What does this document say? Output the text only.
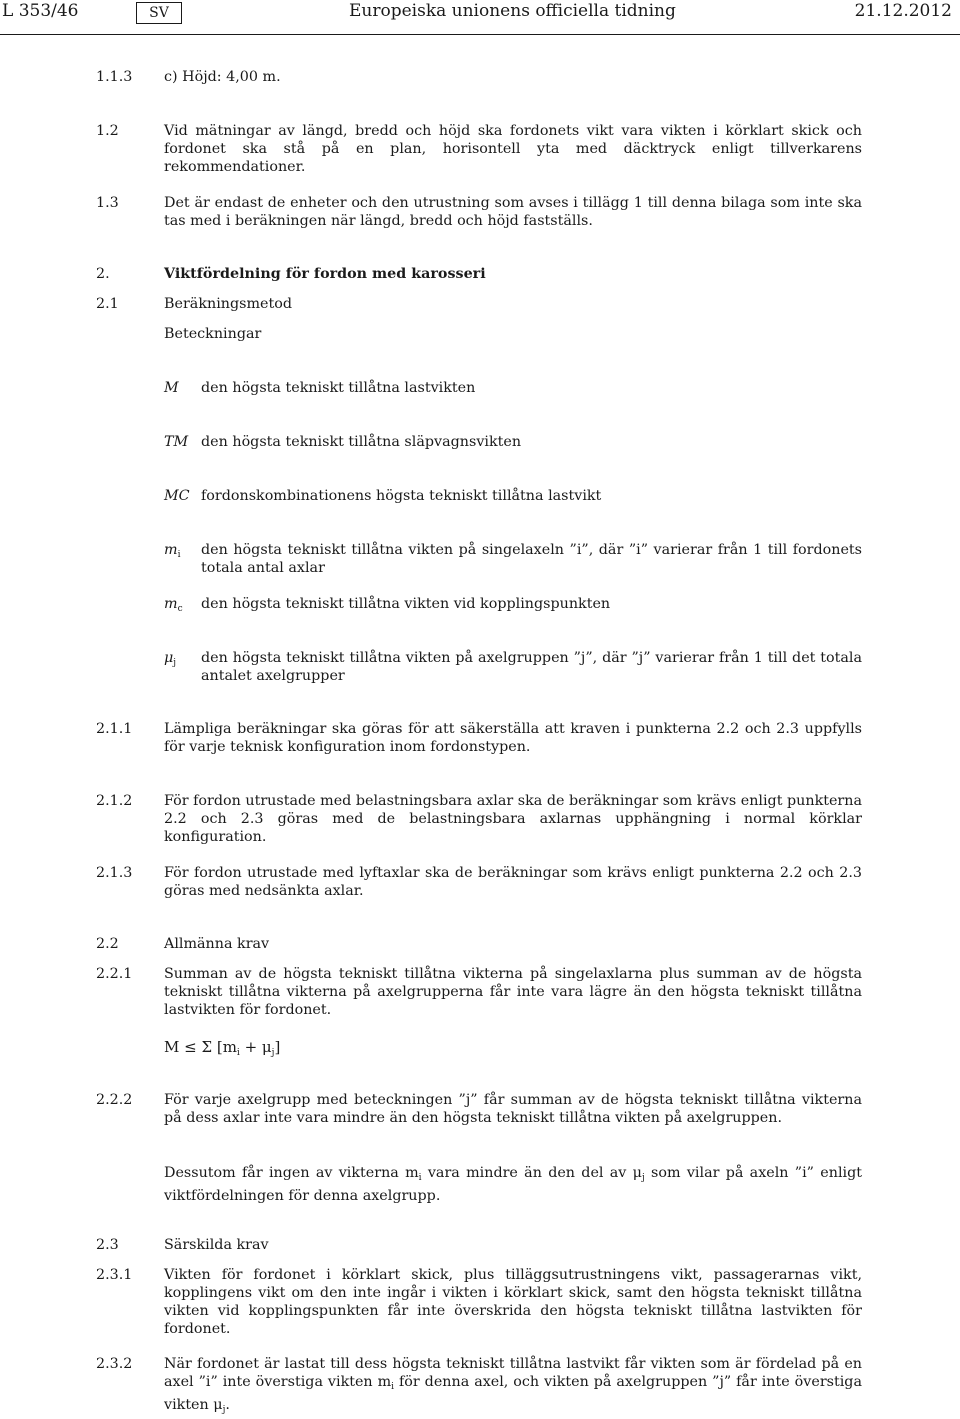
L 353/46	SV	Europeiska unionens officiella tidning	21.12.2012
1.1.3 c) Höjd: 4,00 m.
1.2	Vid mätningar av längd, bredd och höjd ska fordonets vikt vara vikten i körklart skick och fordonet ska stå på en plan, horisontell yta med däcktryck enligt tillverkarens rekommendationer.
1.3	Det är endast de enheter och den utrustning som avses i tillägg 1 till denna bilaga som inte ska tas med i beräkningen när längd, bredd och höjd fastställs.
2.	Viktfördelning för fordon med karosseri
2.1	Beräkningsmetod
Beteckningar
M den högsta tekniskt tillåtna lastvikten
TM den högsta tekniskt tillåtna släpvagnsvikten
MC fordonskombinationens högsta tekniskt tillåtna lastvikt
$m_i$ den högsta tekniskt tillåtna vikten på singelaxeln ”i”, där ”i” varierar från 1 till fordonets totala antal axlar
$m_c$ den högsta tekniskt tillåtna vikten vid kopplingspunkten
$\mu_j$ den högsta tekniskt tillåtna vikten på axelgruppen ”j”, där ”j” varierar från 1 till det totala antalet axelgrupper
2.1.1 Lämpliga beräkningar ska göras för att säkerställa att kraven i punkterna 2.2 och 2.3 uppfylls för varje teknisk konfiguration inom fordonstypen.
2.1.2 För fordon utrustade med belastningsbara axlar ska de beräkningar som krävs enligt punkterna 2.2 och 2.3 göras med de belastningsbara axlarnas upphängning i normal körklar konfiguration.
2.1.3 För fordon utrustade med lyftaxlar ska de beräkningar som krävs enligt punkterna 2.2 och 2.3 göras med nedsänkta axlar.
2.2	Allmänna krav
2.2.1 Summan av de högsta tekniskt tillåtna vikterna på singelaxlarna plus summan av de högsta tekniskt tillåtna vikterna på axelgrupperna får inte vara lägre än den högsta tekniskt tillåtna lastvikten för fordonet.
M ≤ Σ $[m_i + \mu_j]$
2.2.2 För varje axelgrupp med beteckningen ”j” får summan av de högsta tekniskt tillåtna vikterna på dess axlar inte vara mindre än den högsta tekniskt tillåtna vikten på axelgruppen.
Dessutom får ingen av vikterna $m_i$ vara mindre än den del av $\mu_j$ som vilar på axeln ”i” enligt viktfördelningen för denna axelgrupp.
2.3	Särskilda krav
2.3.1 Vikten för fordonet i körklart skick, plus tilläggsutrustningens vikt, passagerarnas vikt, kopplingens vikt om den inte ingår i vikten i körklart skick, samt den högsta tekniskt tillåtna vikten vid kopplingspunkten får inte överskrida den högsta tekniskt tillåtna lastvikten för fordonet.
2.3.2 När fordonet är lastat till dess högsta tekniskt tillåtna lastvikt får vikten som är fördelad på en axel ”i” inte överstiga vikten $m_i$ för denna axel, och vikten på axelgruppen ”j” får inte överstiga vikten $\mu_j$.
